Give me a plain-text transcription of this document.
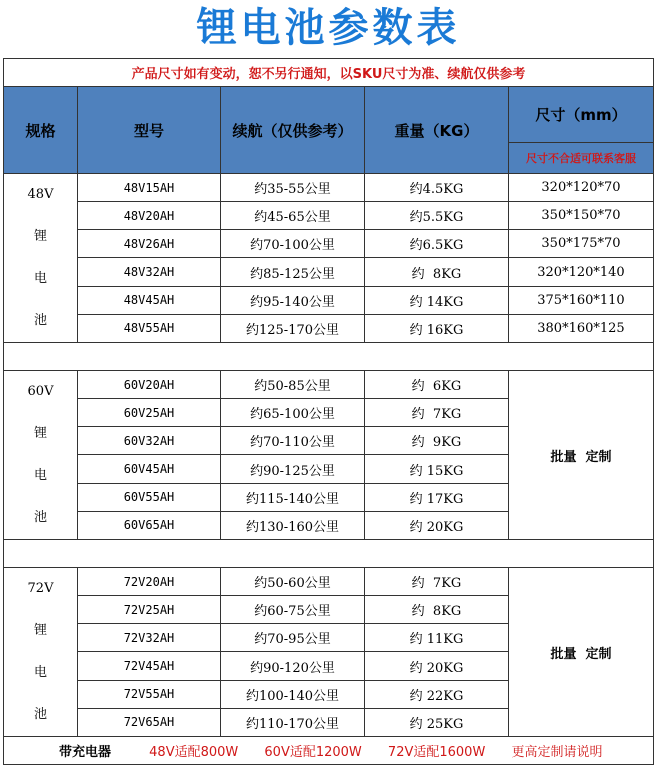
锂电池参数表
产品尺寸如有变动，恕不另行通知，以SKU尺寸为准、续航仅供参考				
规格	型号	续航（仅供参考）	重量（KG）	尺寸（mm）
				尺寸不合适可联系客服

48V
锂
电
池	48V15AH	约35-55公里	约4.5KG	320*120*70
	48V20AH	约45-65公里	约5.5KG	350*150*70
	48V26AH	约70-100公里	约6.5KG	350*175*70
	48V32AH	约85-125公里	约  8KG	320*120*140
	48V45AH	约95-140公里	约 14KG	375*160*110
	48V55AH	约125-170公里	约 16KG	380*160*125

60V
锂
电
池	60V20AH	约50-85公里	约  6KG	批量  定制
	60V25AH	约65-100公里	约  7KG	
	60V32AH	约70-110公里	约  9KG	
	60V45AH	约90-125公里	约 15KG	
	60V55AH	约115-140公里	约 17KG	
	60V65AH	约130-160公里	约 20KG	

72V
锂
电
池	72V20AH	约50-60公里	约  7KG	批量  定制
	72V25AH	约60-75公里	约  8KG	
	72V32AH	约70-95公里	约 11KG	
	72V45AH	约90-120公里	约 20KG	
	72V55AH	约100-140公里	约 22KG	
	72V65AH	约110-170公里	约 25KG	
带充电器 48V适配800W 60V适配1200W 72V适配1600W 更高定制请说明				
